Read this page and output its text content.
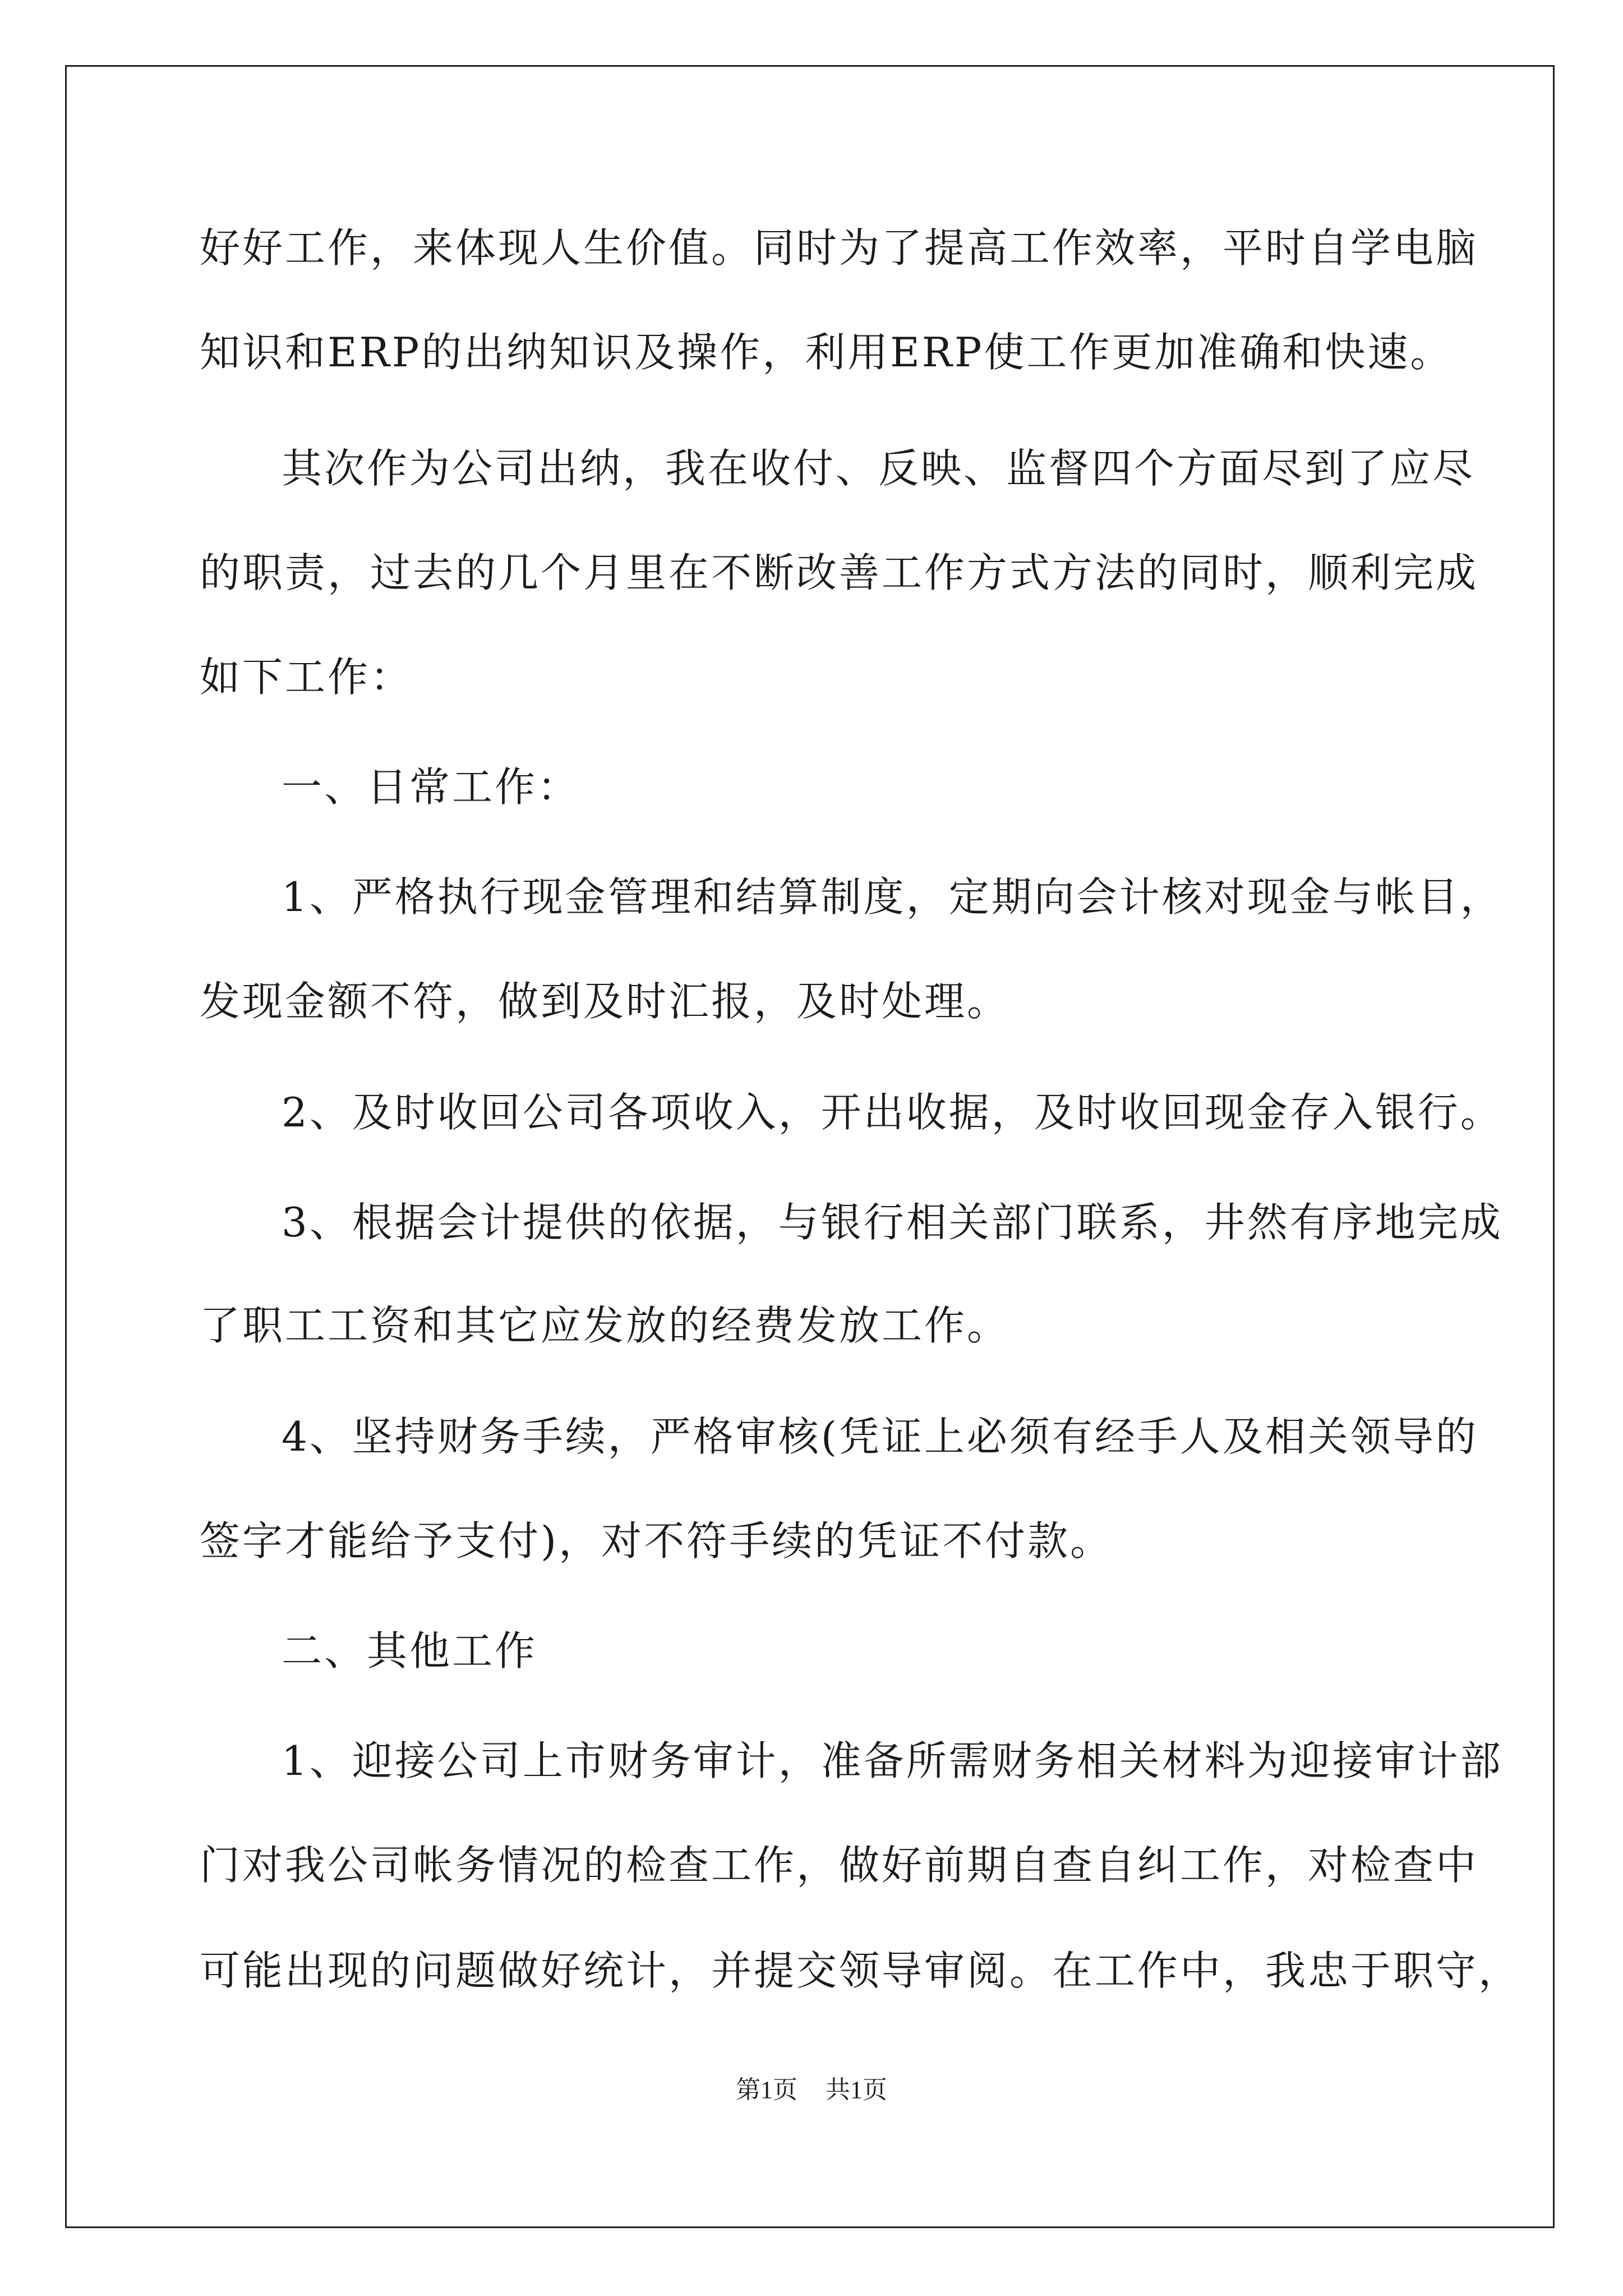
好好工作，来体现人生价值。同时为了提高工作效率，平时自学电脑
知识和ERP的出纳知识及操作，利用ERP使工作更加准确和快速。
其次作为公司出纳，我在收付、反映、监督四个方面尽到了应尽
的职责，过去的几个月里在不断改善工作方式方法的同时，顺利完成
如下工作：
一、日常工作：
1、严格执行现金管理和结算制度，定期向会计核对现金与帐目，
发现金额不符，做到及时汇报，及时处理。
2、及时收回公司各项收入，开出收据，及时收回现金存入银行。
3、根据会计提供的依据，与银行相关部门联系，井然有序地完成
了职工工资和其它应发放的经费发放工作。
4、坚持财务手续，严格审核(凭证上必须有经手人及相关领导的
签字才能给予支付)，对不符手续的凭证不付款。
二、其他工作
1、迎接公司上市财务审计，准备所需财务相关材料为迎接审计部
门对我公司帐务情况的检查工作，做好前期自查自纠工作，对检查中
可能出现的问题做好统计，并提交领导审阅。在工作中，我忠于职守，
第1页 共1页
